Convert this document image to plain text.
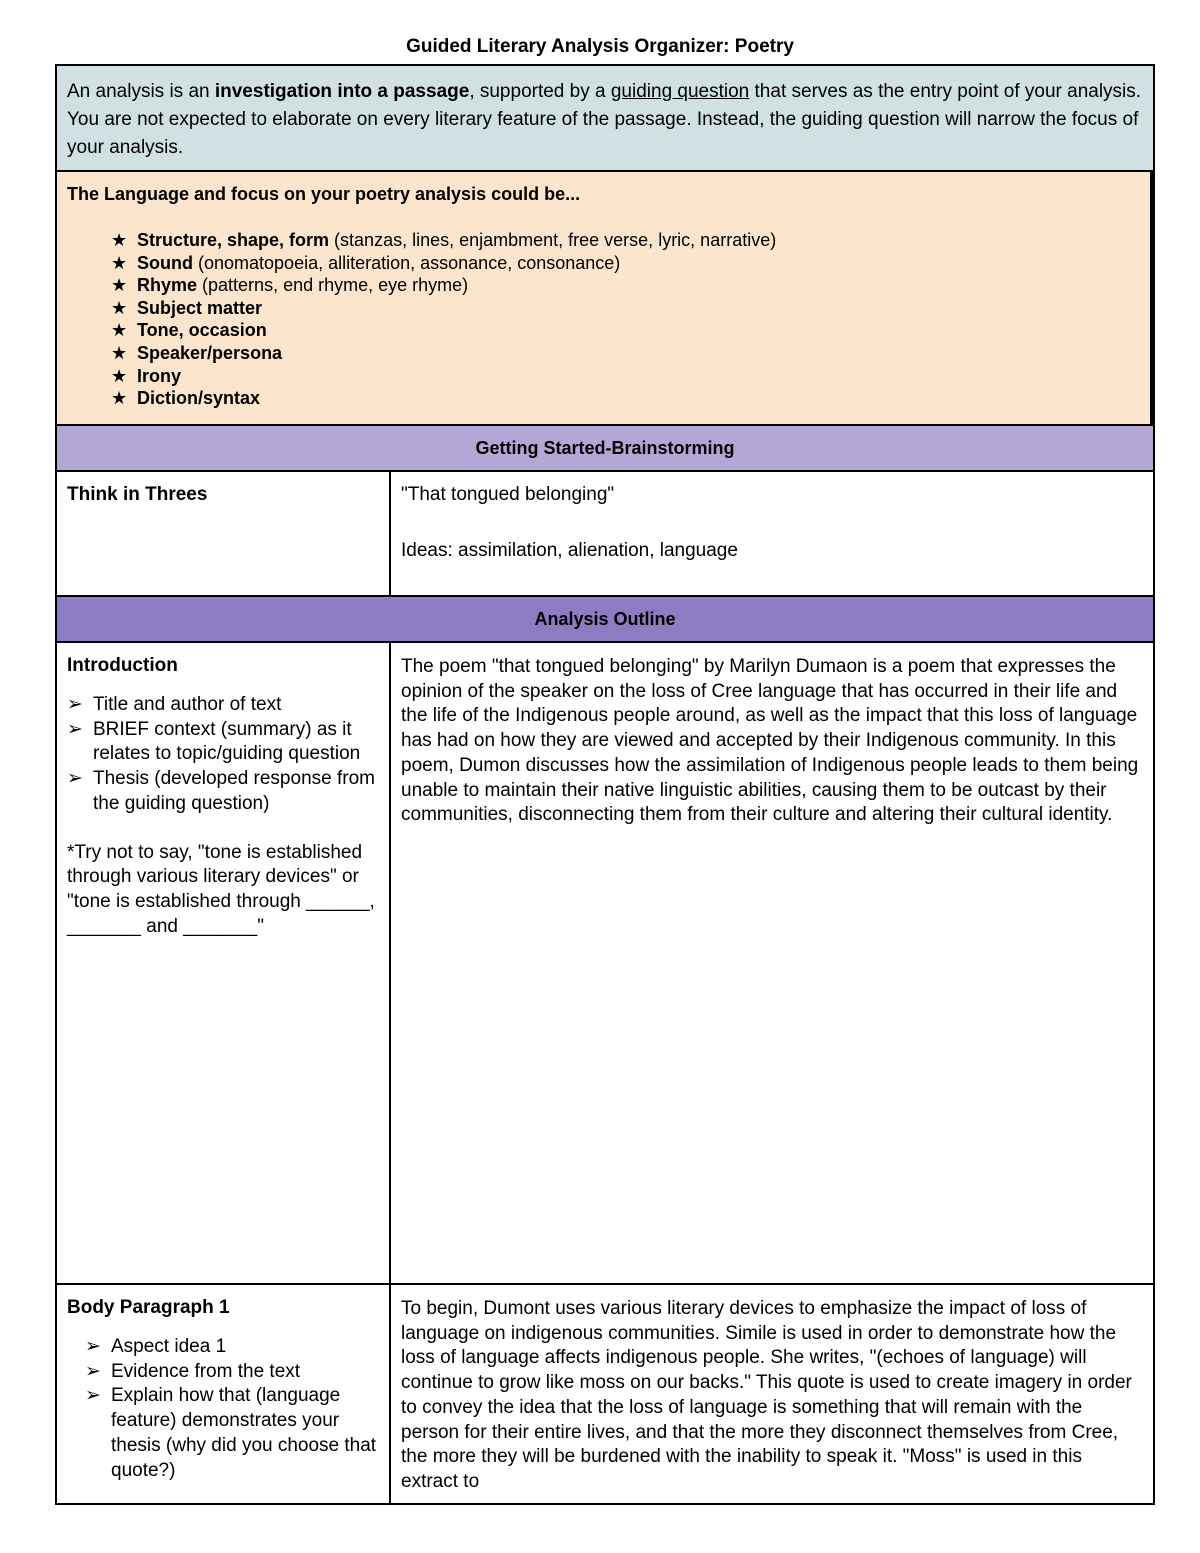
Guided Literary Analysis Organizer: Poetry
An analysis is an investigation into a passage, supported by a guiding question that serves as the entry point of your analysis. You are not expected to elaborate on every literary feature of the passage. Instead, the guiding question will narrow the focus of your analysis.
The Language and focus on your poetry analysis could be...
★ Structure, shape, form (stanzas, lines, enjambment, free verse, lyric, narrative)
★ Sound (onomatopoeia, alliteration, assonance, consonance)
★ Rhyme (patterns, end rhyme, eye rhyme)
★ Subject matter
★ Tone, occasion
★ Speaker/persona
★ Irony
★ Diction/syntax
Getting Started-Brainstorming
Think in Threes	"That tongued belonging"
Ideas: assimilation, alienation, language
Analysis Outline
Introduction
➢ Title and author of text
➢ BRIEF context (summary) as it relates to topic/guiding question
➢ Thesis (developed response from the guiding question)
*Try not to say, "tone is established through various literary devices" or "tone is established through ______, _______ and _______"

The poem "that tongued belonging" by Marilyn Dumaon is a poem that expresses the opinion of the speaker on the loss of Cree language that has occurred in their life and the life of the Indigenous people around, as well as the impact that this loss of language has had on how they are viewed and accepted by their Indigenous community. In this poem, Dumon discusses how the assimilation of Indigenous people leads to them being unable to maintain their native linguistic abilities, causing them to be outcast by their communities, disconnecting them from their culture and altering their cultural identity.

Body Paragraph 1
➢ Aspect idea 1
➢ Evidence from the text
➢ Explain how that (language feature) demonstrates your thesis (why did you choose that quote?)

To begin, Dumont uses various literary devices to emphasize the impact of loss of language on indigenous communities. Simile is used in order to demonstrate how the loss of language affects indigenous people. She writes, "(echoes of language) will continue to grow like moss on our backs." This quote is used to create imagery in order to convey the idea that the loss of language is something that will remain with the person for their entire lives, and that the more they disconnect themselves from Cree, the more they will be burdened with the inability to speak it. "Moss" is used in this extract to
